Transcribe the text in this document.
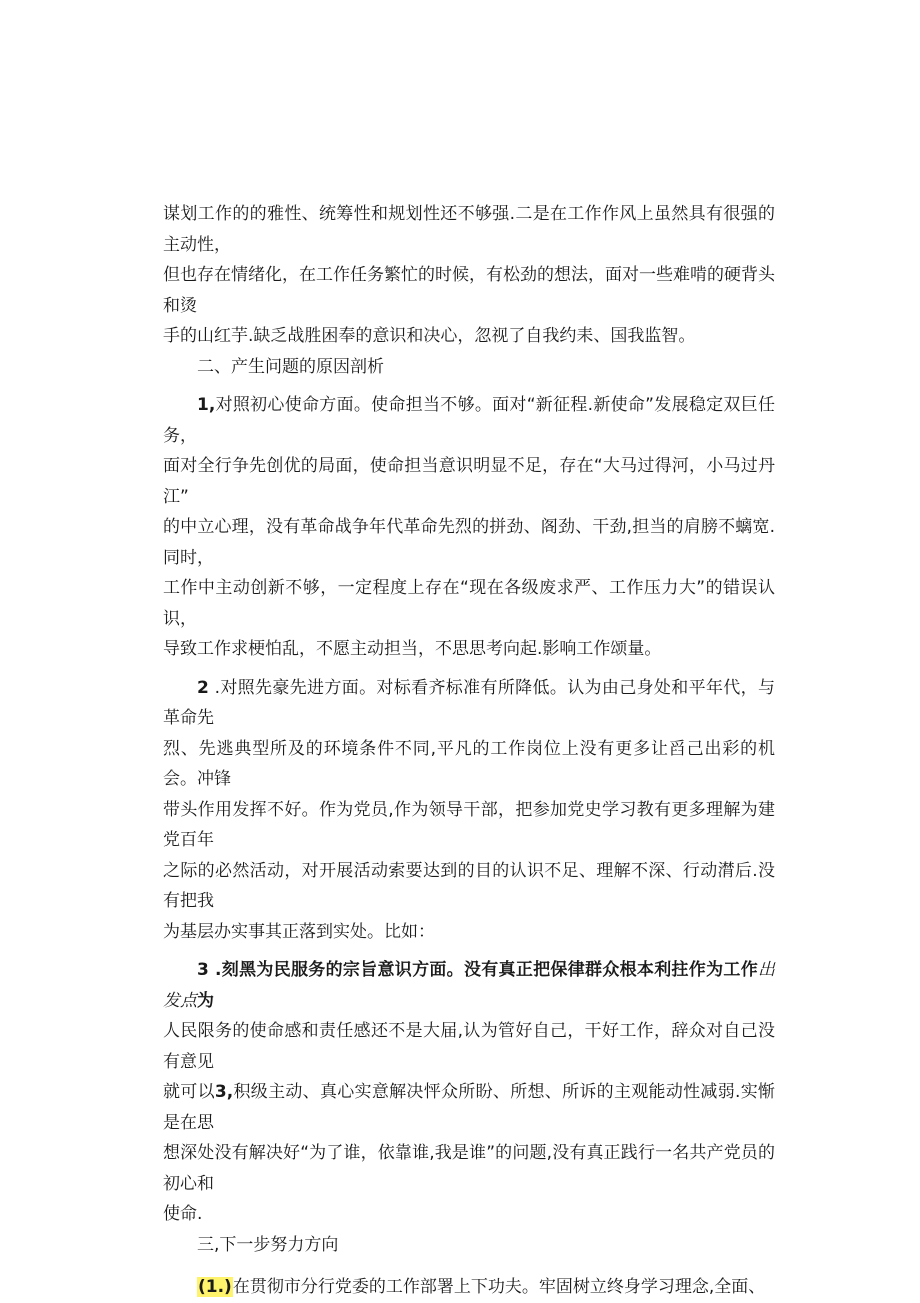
谋划工作的的雅性、统筹性和规划性还不够强.二是在工作作风上虽然具有很强的主动性，
但也存在情绪化，在工作任务繁忙的时候，有松劲的想法，面对一些难啃的硬背头和烫
手的山红芋.缺乏战胜困奉的意识和决心，忽视了自我约耒、国我监智。

二、产生问题的原因剖析

1,对照初心使命方面。使命担当不够。面对“新征程.新使命”发展稳定双巨任务，
面对全行争先创优的局面，使命担当意识明显不足，存在“大马过得河，小马过丹江”
的中立心理，没有革命战争年代革命先烈的拼劲、阁劲、干劲,担当的肩膀不螭宽.同时，
工作中主动创新不够，一定程度上存在“现在各级废求严、工作压力大”的错误认识，
导致工作求梗怕乱，不愿主动担当，不思思考向起.影响工作颂量。

2 .对照先豪先进方面。对标看齐标准有所降低。认为由己身处和平年代，与革命先
烈、先逃典型所及的环境条件不同,平凡的工作岗位上没有更多让舀己出彩的机会。冲锋
带头作用发挥不好。作为党员,作为领导干部，把参加党史学习教有更多理解为建党百年
之际的必然活动，对开展活动索要达到的目的认识不足、理解不深、行动潸后.没有把我
为基层办实事其正落到实处。比如：

3 .刻黑为民服务的宗旨意识方面。没有真正把保律群众根本利拄作为工作出发点为
人民限务的使命感和责任感还不是大届,认为管好自己，干好工作，辞众对自己没有意见
就可以3,积级主动、真心实意解决怦众所盼、所想、所诉的主观能动性减弱.实惭是在思
想深处没有解决好“为了谁，依靠谁,我是谁”的问题,没有真正践行一名共产党员的初心和
使命.

三,下一步努力方向

(1.)在贯彻市分行党委的工作部署上下功夫。牢固树立终身学习理念,全面、
